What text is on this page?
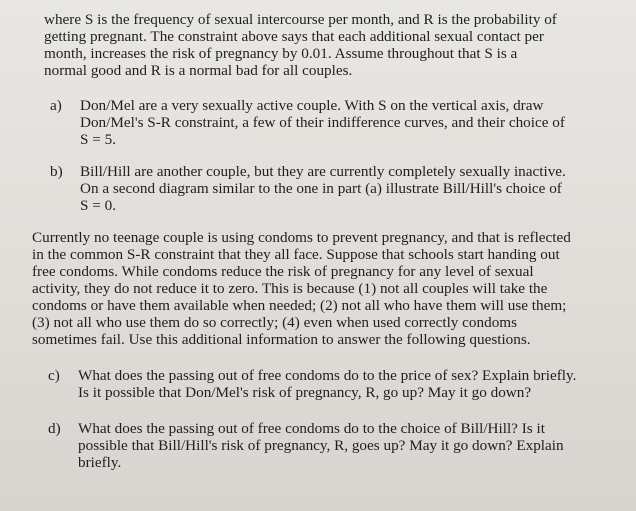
where S is the frequency of sexual intercourse per month, and R is the probability of
getting pregnant. The constraint above says that each additional sexual contact per
month, increases the risk of pregnancy by 0.01. Assume throughout that S is a
normal good and R is a normal bad for all couples.
a) Don/Mel are a very sexually active couple. With S on the vertical axis, draw
Don/Mel's S-R constraint, a few of their indifference curves, and their choice of
S = 5.
b) Bill/Hill are another couple, but they are currently completely sexually inactive.
On a second diagram similar to the one in part (a) illustrate Bill/Hill's choice of
S = 0.
Currently no teenage couple is using condoms to prevent pregnancy, and that is reflected
in the common S-R constraint that they all face. Suppose that schools start handing out
free condoms. While condoms reduce the risk of pregnancy for any level of sexual
activity, they do not reduce it to zero. This is because (1) not all couples will take the
condoms or have them available when needed; (2) not all who have them will use them;
(3) not all who use them do so correctly; (4) even when used correctly condoms
sometimes fail. Use this additional information to answer the following questions.
c) What does the passing out of free condoms do to the price of sex? Explain briefly.
Is it possible that Don/Mel's risk of pregnancy, R, go up? May it go down?
d) What does the passing out of free condoms do to the choice of Bill/Hill? Is it
possible that Bill/Hill's risk of pregnancy, R, goes up? May it go down? Explain
briefly.
